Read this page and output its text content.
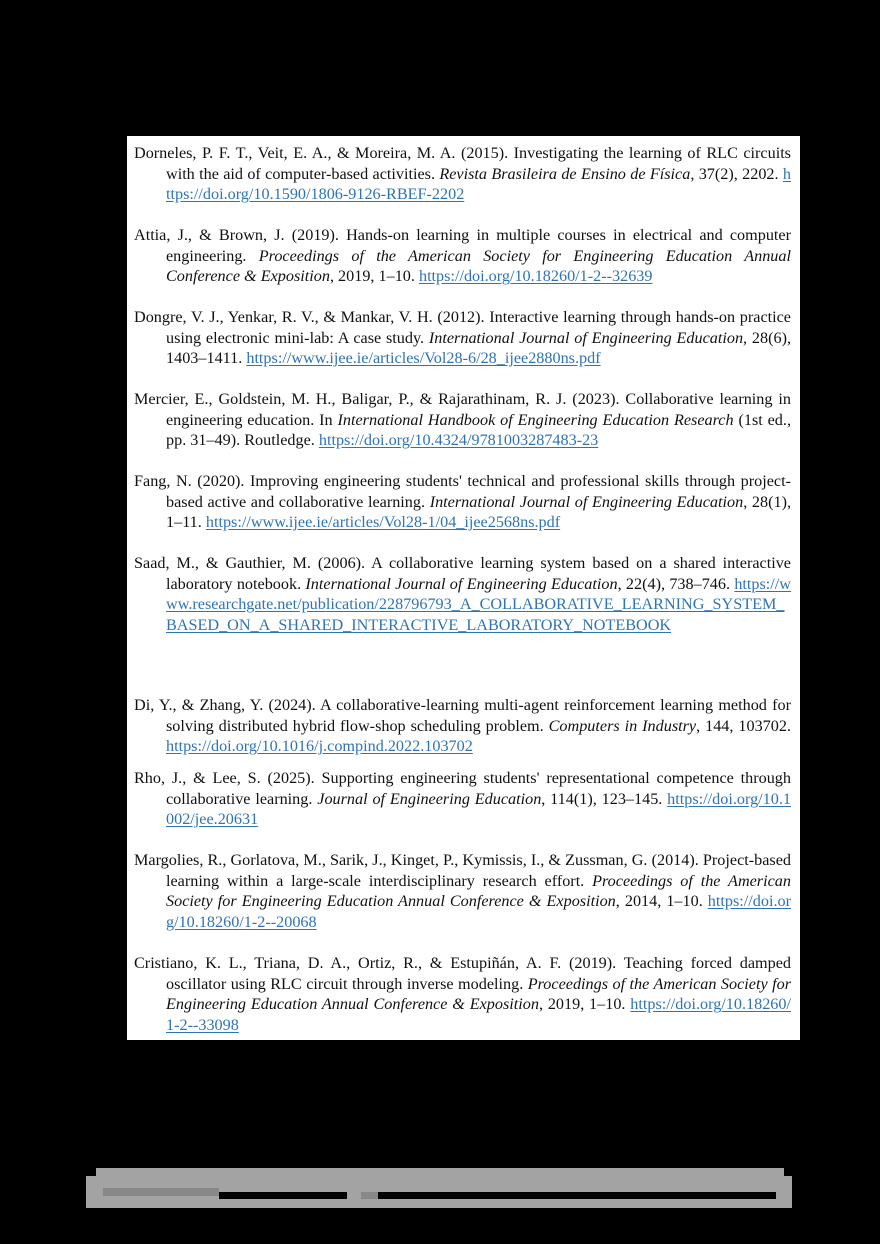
Dorneles, P. F. T., Veit, E. A., & Moreira, M. A. (2015). Investigating the learning of RLC circuits with the aid of computer-based activities. Revista Brasileira de Ensino de Física, 37(2), 2202. https://doi.org/10.1590/1806-9126-RBEF-2202
Attia, J., & Brown, J. (2019). Hands-on learning in multiple courses in electrical and computer engineering. Proceedings of the American Society for Engineering Education Annual Conference & Exposition, 2019, 1–10. https://doi.org/10.18260/1-2--32639
Dongre, V. J., Yenkar, R. V., & Mankar, V. H. (2012). Interactive learning through hands-on practice using electronic mini-lab: A case study. International Journal of Engineering Education, 28(6), 1403–1411. https://www.ijee.ie/articles/Vol28-6/28_ijee2880ns.pdf
Mercier, E., Goldstein, M. H., Baligar, P., & Rajarathinam, R. J. (2023). Collaborative learning in engineering education. In International Handbook of Engineering Education Research (1st ed., pp. 31–49). Routledge. https://doi.org/10.4324/9781003287483-23
Fang, N. (2020). Improving engineering students' technical and professional skills through project-based active and collaborative learning. International Journal of Engineering Education, 28(1), 1–11. https://www.ijee.ie/articles/Vol28-1/04_ijee2568ns.pdf
Saad, M., & Gauthier, M. (2006). A collaborative learning system based on a shared interactive laboratory notebook. International Journal of Engineering Education, 22(4), 738–746. https://www.researchgate.net/publication/228796793_A_COLLABORATIVE_LEARNING_SYSTEM_BASED_ON_A_SHARED_INTERACTIVE_LABORATORY_NOTEBOOK
Di, Y., & Zhang, Y. (2024). A collaborative-learning multi-agent reinforcement learning method for solving distributed hybrid flow-shop scheduling problem. Computers in Industry, 144, 103702. https://doi.org/10.1016/j.compind.2022.103702
Rho, J., & Lee, S. (2025). Supporting engineering students' representational competence through collaborative learning. Journal of Engineering Education, 114(1), 123–145. https://doi.org/10.1002/jee.20631
Margolies, R., Gorlatova, M., Sarik, J., Kinget, P., Kymissis, I., & Zussman, G. (2014). Project-based learning within a large-scale interdisciplinary research effort. Proceedings of the American Society for Engineering Education Annual Conference & Exposition, 2014, 1–10. https://doi.org/10.18260/1-2--20068
Cristiano, K. L., Triana, D. A., Ortiz, R., & Estupiñán, A. F. (2019). Teaching forced damped oscillator using RLC circuit through inverse modeling. Proceedings of the American Society for Engineering Education Annual Conference & Exposition, 2019, 1–10. https://doi.org/10.18260/1-2--33098
